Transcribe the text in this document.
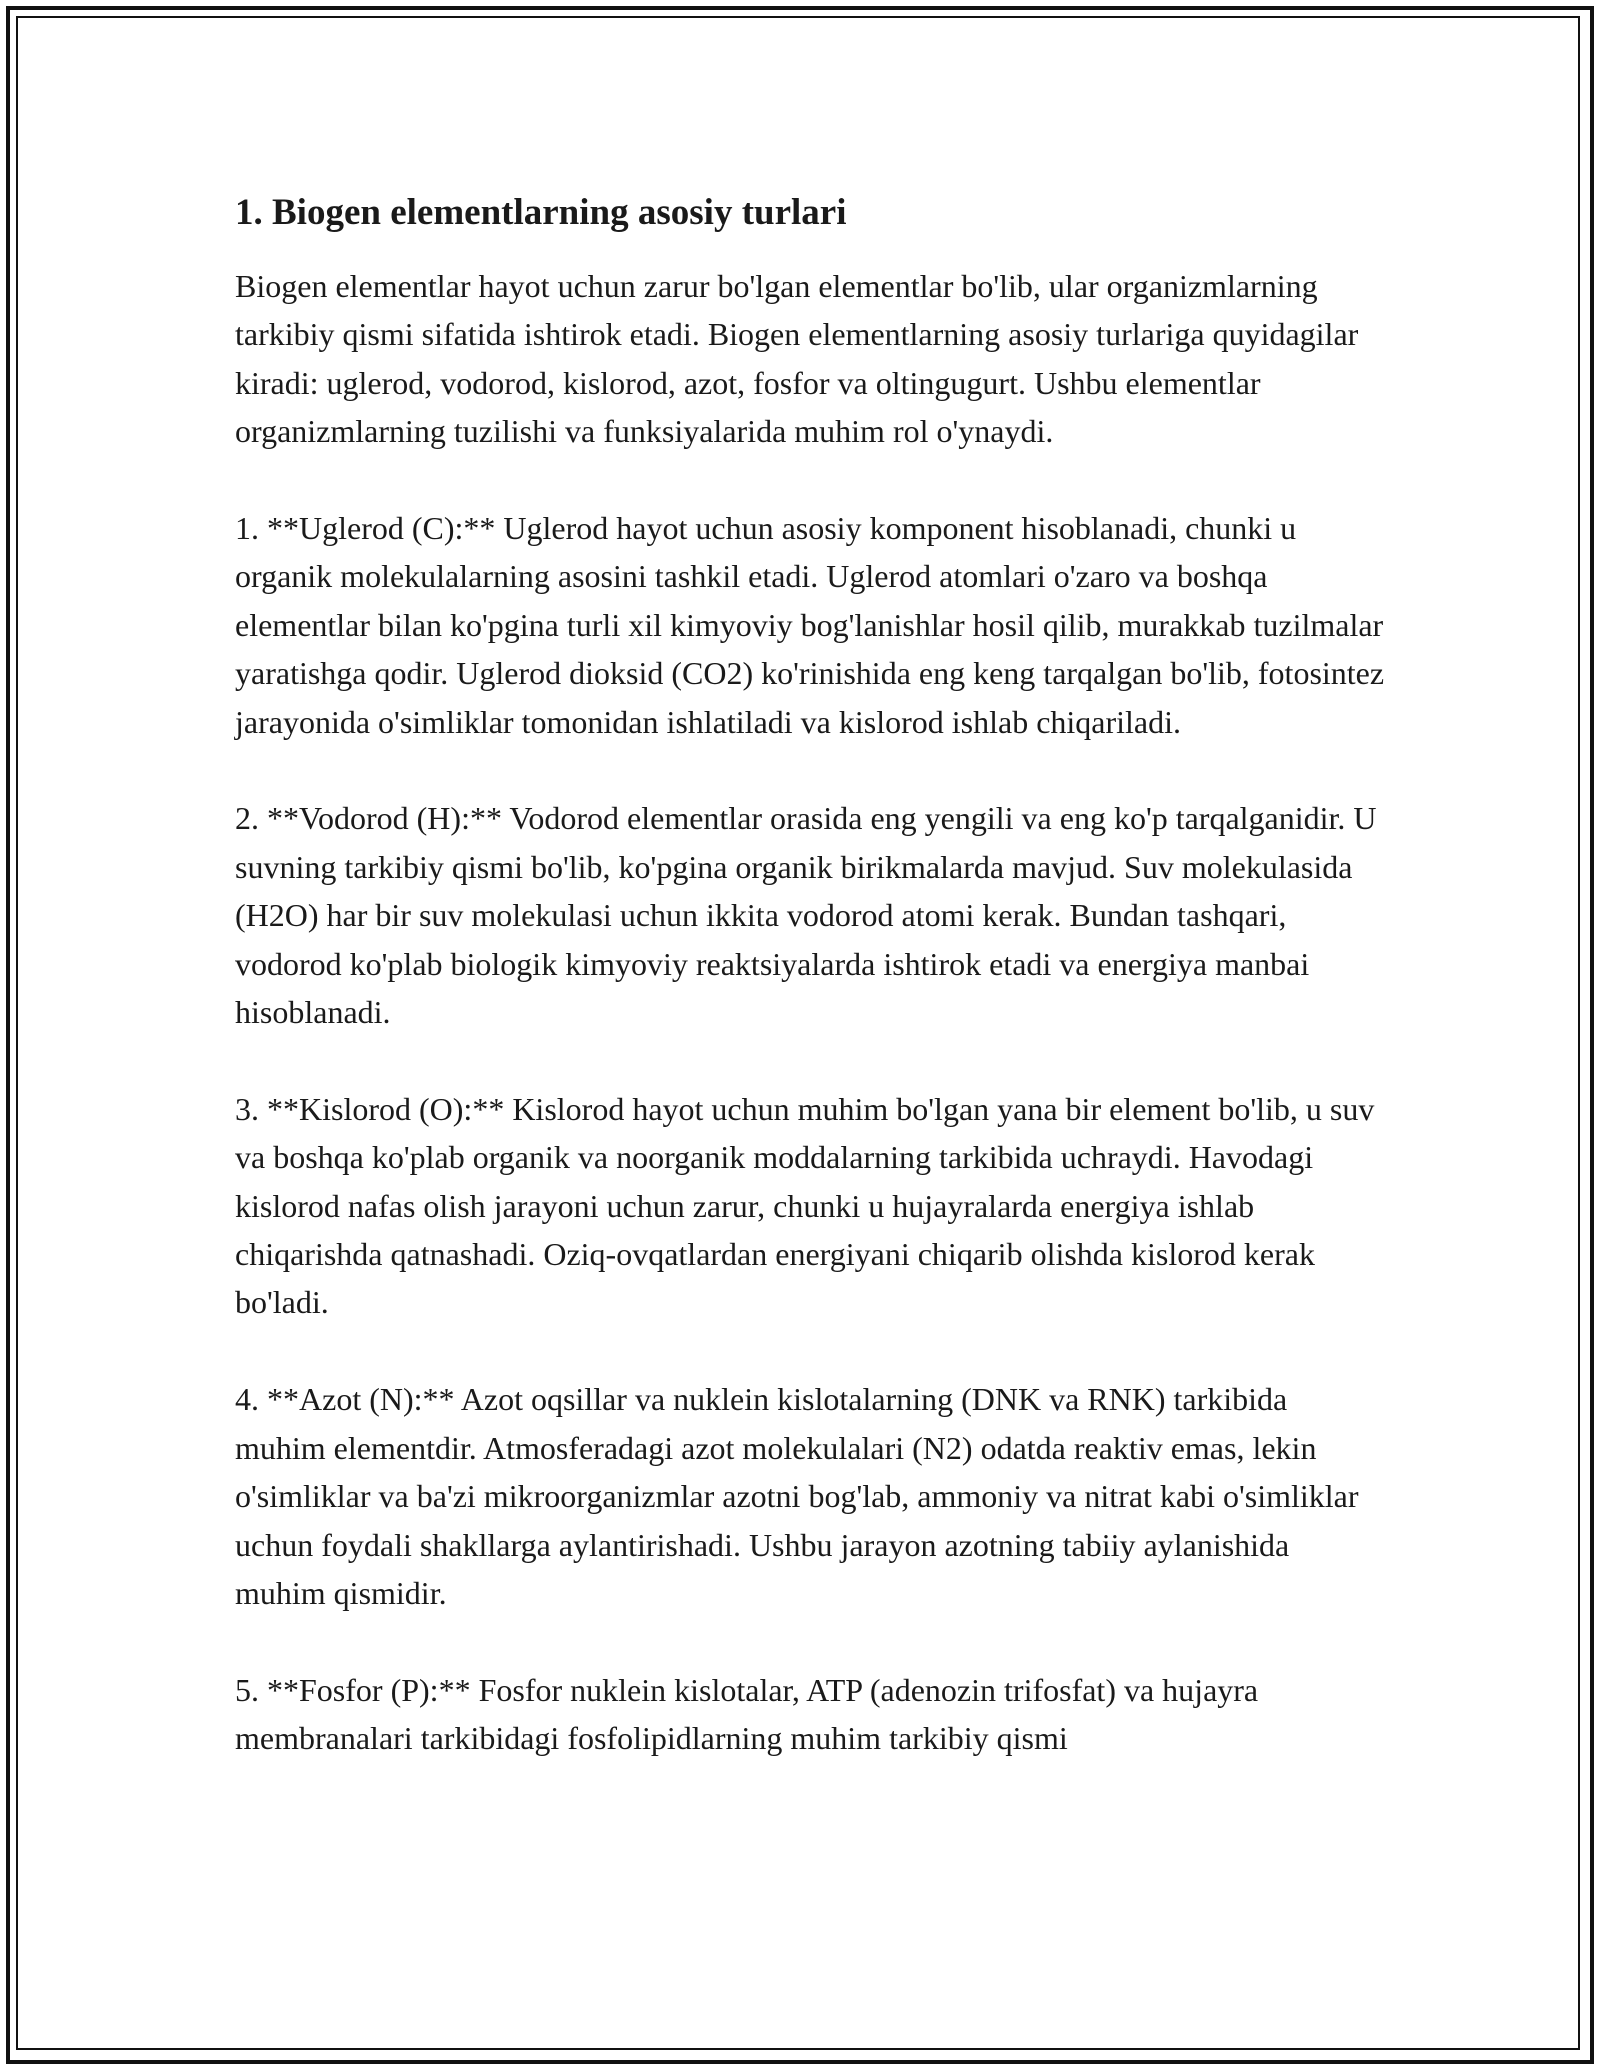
1. Biogen elementlarning asosiy turlari

Biogen elementlar hayot uchun zarur bo'lgan elementlar bo'lib, ular organizmlarning tarkibiy qismi sifatida ishtirok etadi. Biogen elementlarning asosiy turlariga quyidagilar kiradi: uglerod, vodorod, kislorod, azot, fosfor va oltingugurt. Ushbu elementlar organizmlarning tuzilishi va funksiyalarida muhim rol o'ynaydi.

1. **Uglerod (C):** Uglerod hayot uchun asosiy komponent hisoblanadi, chunki u organik molekulalarning asosini tashkil etadi. Uglerod atomlari o'zaro va boshqa elementlar bilan ko'pgina turli xil kimyoviy bog'lanishlar hosil qilib, murakkab tuzilmalar yaratishga qodir. Uglerod dioksid (CO2) ko'rinishida eng keng tarqalgan bo'lib, fotosintez jarayonida o'simliklar tomonidan ishlatiladi va kislorod ishlab chiqariladi.

2. **Vodorod (H):** Vodorod elementlar orasida eng yengili va eng ko'p tarqalganidir. U suvning tarkibiy qismi bo'lib, ko'pgina organik birikmalarda mavjud. Suv molekulasida (H2O) har bir suv molekulasi uchun ikkita vodorod atomi kerak. Bundan tashqari, vodorod ko'plab biologik kimyoviy reaktsiyalarda ishtirok etadi va energiya manbai hisoblanadi.

3. **Kislorod (O):** Kislorod hayot uchun muhim bo'lgan yana bir element bo'lib, u suv va boshqa ko'plab organik va noorganik moddalarning tarkibida uchraydi. Havodagi kislorod nafas olish jarayoni uchun zarur, chunki u hujayralarda energiya ishlab chiqarishda qatnashadi. Oziq-ovqatlardan energiyani chiqarib olishda kislorod kerak bo'ladi.

4. **Azot (N):** Azot oqsillar va nuklein kislotalarning (DNK va RNK) tarkibida muhim elementdir. Atmosferadagi azot molekulalari (N2) odatda reaktiv emas, lekin o'simliklar va ba'zi mikroorganizmlar azotni bog'lab, ammoniy va nitrat kabi o'simliklar uchun foydali shakllarga aylantirishadi. Ushbu jarayon azotning tabiiy aylanishida muhim qismidir.

5. **Fosfor (P):** Fosfor nuklein kislotalar, ATP (adenozin trifosfat) va hujayra membranalari tarkibidagi fosfolipidlarning muhim tarkibiy qismi
